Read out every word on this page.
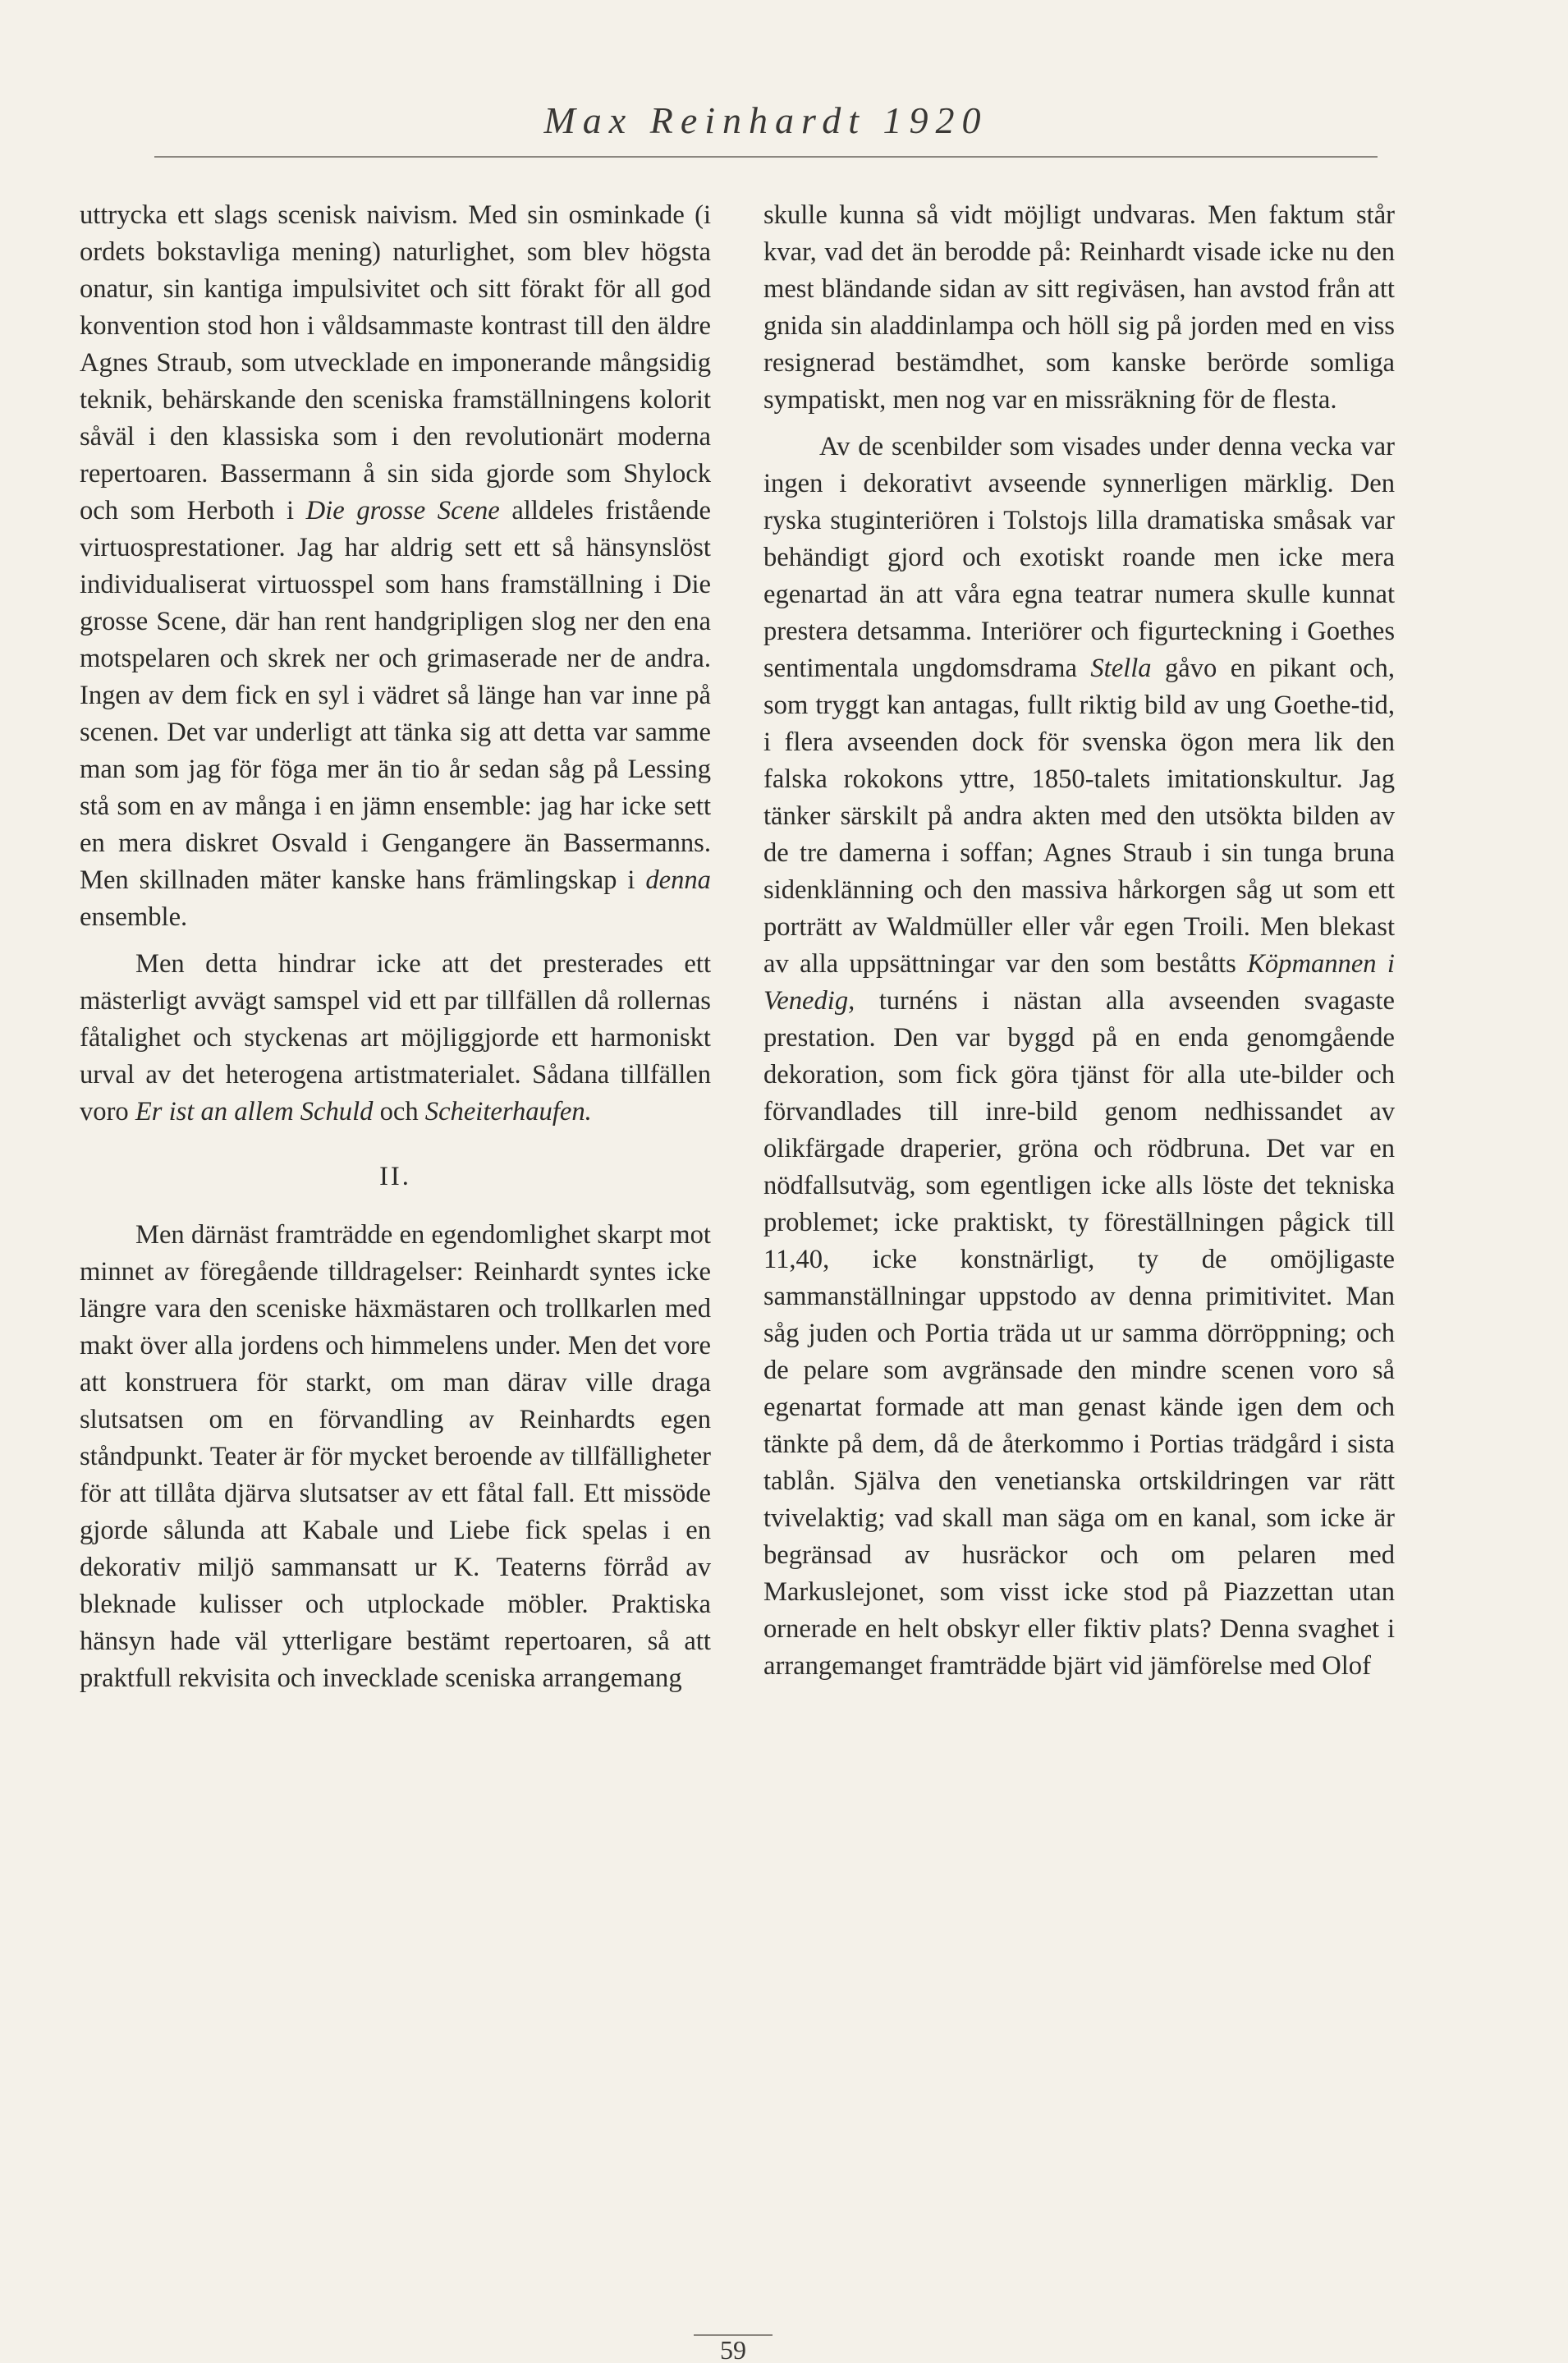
Max Reinhardt 1920

uttrycka ett slags scenisk naivism. Med sin osminkade (i ordets bokstavliga mening) naturlighet, som blev högsta onatur, sin kantiga impulsivitet och sitt förakt för all god konvention stod hon i våldsammaste kontrast till den äldre Agnes Straub, som utvecklade en imponerande mångsidig teknik, behärskande den sceniska framställningens kolorit såväl i den klassiska som i den revolutionärt moderna repertoaren. Bassermann å sin sida gjorde som Shylock och som Herboth i Die grosse Scene alldeles fristående virtuosprestationer. Jag har aldrig sett ett så hänsynslöst individualiserat virtuosspel som hans framställning i Die grosse Scene, där han rent handgripligen slog ner den ena motspelaren och skrek ner och grimaserade ner de andra. Ingen av dem fick en syl i vädret så länge han var inne på scenen. Det var underligt att tänka sig att detta var samme man som jag för föga mer än tio år sedan såg på Lessing stå som en av många i en jämn ensemble: jag har icke sett en mera diskret Osvald i Gengangere än Bassermanns. Men skillnaden mäter kanske hans främlingskap i denna ensemble.

Men detta hindrar icke att det presterades ett mästerligt avvägt samspel vid ett par tillfällen då rollernas fåtalighet och styckenas art möjliggjorde ett harmoniskt urval av det heterogena artistmaterialet. Sådana tillfällen voro Er ist an allem Schuld och Scheiterhaufen.

II.

Men därnäst framträdde en egendomlighet skarpt mot minnet av föregående tilldragelser: Reinhardt syntes icke längre vara den sceniske häxmästaren och trollkarlen med makt över alla jordens och himmelens under. Men det vore att konstruera för starkt, om man därav ville draga slutsatsen om en förvandling av Reinhardts egen ståndpunkt. Teater är för mycket beroende av tillfälligheter för att tillåta djärva slutsatser av ett fåtal fall. Ett missöde gjorde sålunda att Kabale und Liebe fick spelas i en dekorativ miljö sammansatt ur K. Teaterns förråd av bleknade kulisser och utplockade möbler. Praktiska hänsyn hade väl ytterligare bestämt repertoaren, så att praktfull rekvisita och invecklade sceniska arrangemang

skulle kunna så vidt möjligt undvaras. Men faktum står kvar, vad det än berodde på: Reinhardt visade icke nu den mest bländande sidan av sitt regiväsen, han avstod från att gnida sin aladdinlampa och höll sig på jorden med en viss resignerad bestämdhet, som kanske berörde somliga sympatiskt, men nog var en missräkning för de flesta.

Av de scenbilder som visades under denna vecka var ingen i dekorativt avseende synnerligen märklig. Den ryska stuginteriören i Tolstojs lilla dramatiska småsak var behändigt gjord och exotiskt roande men icke mera egenartad än att våra egna teatrar numera skulle kunnat prestera detsamma. Interiörer och figurteckning i Goethes sentimentala ungdomsdrama Stella gåvo en pikant och, som tryggt kan antagas, fullt riktig bild av ung Goethe-tid, i flera avseenden dock för svenska ögon mera lik den falska rokokons yttre, 1850-talets imitationskultur. Jag tänker särskilt på andra akten med den utsökta bilden av de tre damerna i soffan; Agnes Straub i sin tunga bruna sidenklänning och den massiva hårkorgen såg ut som ett porträtt av Waldmüller eller vår egen Troili. Men blekast av alla uppsättningar var den som beståtts Köpmannen i Venedig, turnéns i nästan alla avseenden svagaste prestation. Den var byggd på en enda genomgående dekoration, som fick göra tjänst för alla ute-bilder och förvandlades till inre-bild genom nedhissandet av olikfärgade draperier, gröna och rödbruna. Det var en nödfallsutväg, som egentligen icke alls löste det tekniska problemet; icke praktiskt, ty föreställningen pågick till 11,40, icke konstnärligt, ty de omöjligaste sammanställningar uppstodo av denna primitivitet. Man såg juden och Portia träda ut ur samma dörröppning; och de pelare som avgränsade den mindre scenen voro så egenartat formade att man genast kände igen dem och tänkte på dem, då de återkommo i Portias trädgård i sista tablån. Själva den venetianska ortskildringen var rätt tvivelaktig; vad skall man säga om en kanal, som icke är begränsad av husräckor och om pelaren med Markuslejonet, som visst icke stod på Piazzettan utan ornerade en helt obskyr eller fiktiv plats? Denna svaghet i arrangemanget framträdde bjärt vid jämförelse med Olof

59
